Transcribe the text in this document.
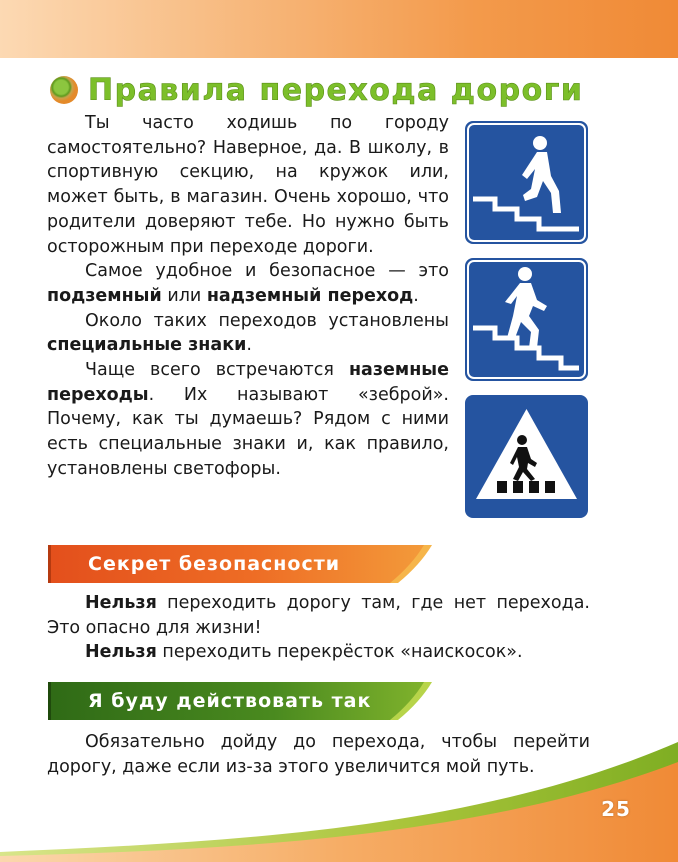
Правила перехода дороги

Ты часто ходишь по городу самостоятельно? Наверное, да. В школу, в спортивную секцию, на кружок или, может быть, в магазин. Очень хорошо, что родители доверяют тебе. Но нужно быть осторожным при переходе дороги.

Самое удобное и безопасное — это подземный или надземный переход.

Около таких переходов установлены специальные знаки.

Чаще всего встречаются наземные переходы. Их называют «зеброй». Почему, как ты думаешь? Рядом с ними есть специальные знаки и, как правило, установлены светофоры.

Секрет безопасности

Нельзя переходить дорогу там, где нет перехода. Это опасно для жизни!

Нельзя переходить перекрёсток «наискосок».

Я буду действовать так

Обязательно дойду до перехода, чтобы перейти дорогу, даже если из-за этого увеличится мой путь.

25
